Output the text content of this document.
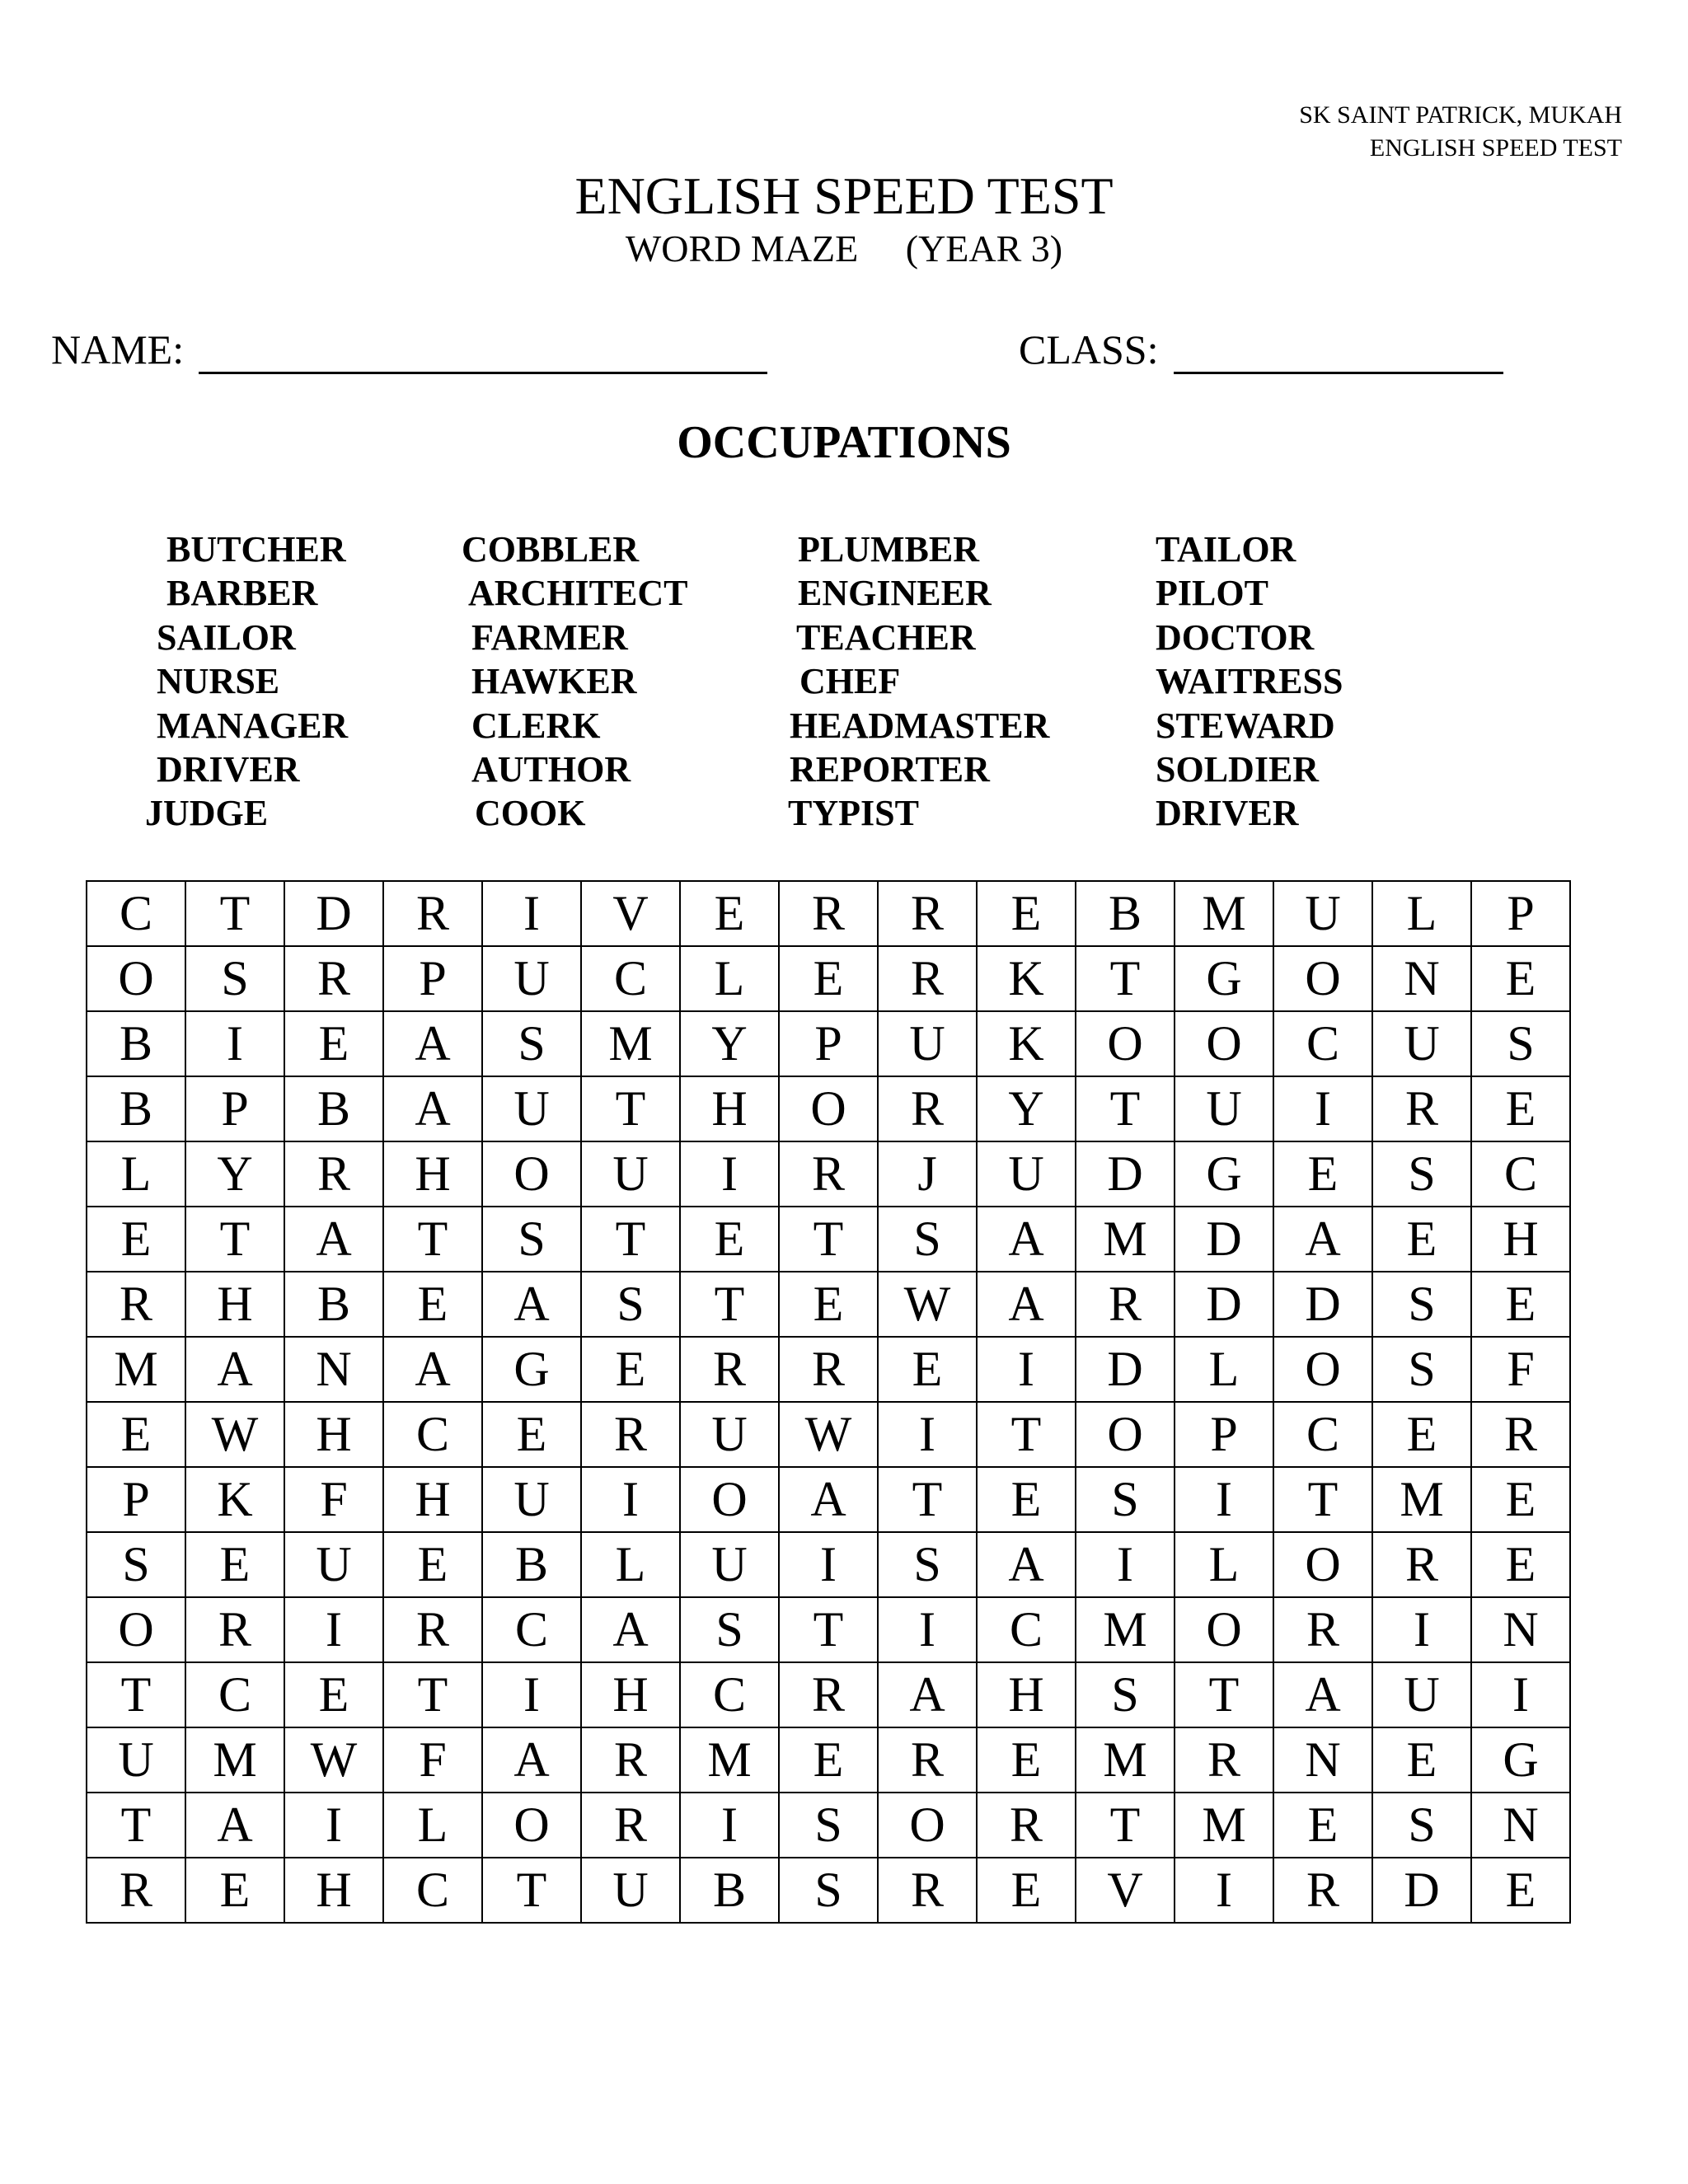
SK SAINT PATRICK, MUKAH
ENGLISH SPEED TEST
ENGLISH SPEED TEST
WORD MAZE     (YEAR 3)
NAME:	CLASS:
OCCUPATIONS
BUTCHER
BARBER
SAILOR
NURSE
MANAGER
DRIVER
JUDGE
COBBLER
ARCHITECT
FARMER
HAWKER
CLERK
AUTHOR
COOK
PLUMBER
ENGINEER
TEACHER
CHEF
HEADMASTER
REPORTER
TYPIST
TAILOR
PILOT
DOCTOR
WAITRESS
STEWARD
SOLDIER
DRIVER
C	T	D	R	I	V	E	R	R	E	B	M	U	L	P
O	S	R	P	U	C	L	E	R	K	T	G	O	N	E
B	I	E	A	S	M	Y	P	U	K	O	O	C	U	S
B	P	B	A	U	T	H	O	R	Y	T	U	I	R	E
L	Y	R	H	O	U	I	R	J	U	D	G	E	S	C
E	T	A	T	S	T	E	T	S	A	M	D	A	E	H
R	H	B	E	A	S	T	E	W	A	R	D	D	S	E
M	A	N	A	G	E	R	R	E	I	D	L	O	S	F
E	W	H	C	E	R	U	W	I	T	O	P	C	E	R
P	K	F	H	U	I	O	A	T	E	S	I	T	M	E
S	E	U	E	B	L	U	I	S	A	I	L	O	R	E
O	R	I	R	C	A	S	T	I	C	M	O	R	I	N
T	C	E	T	I	H	C	R	A	H	S	T	A	U	I
U	M	W	F	A	R	M	E	R	E	M	R	N	E	G
T	A	I	L	O	R	I	S	O	R	T	M	E	S	N
R	E	H	C	T	U	B	S	R	E	V	I	R	D	E
